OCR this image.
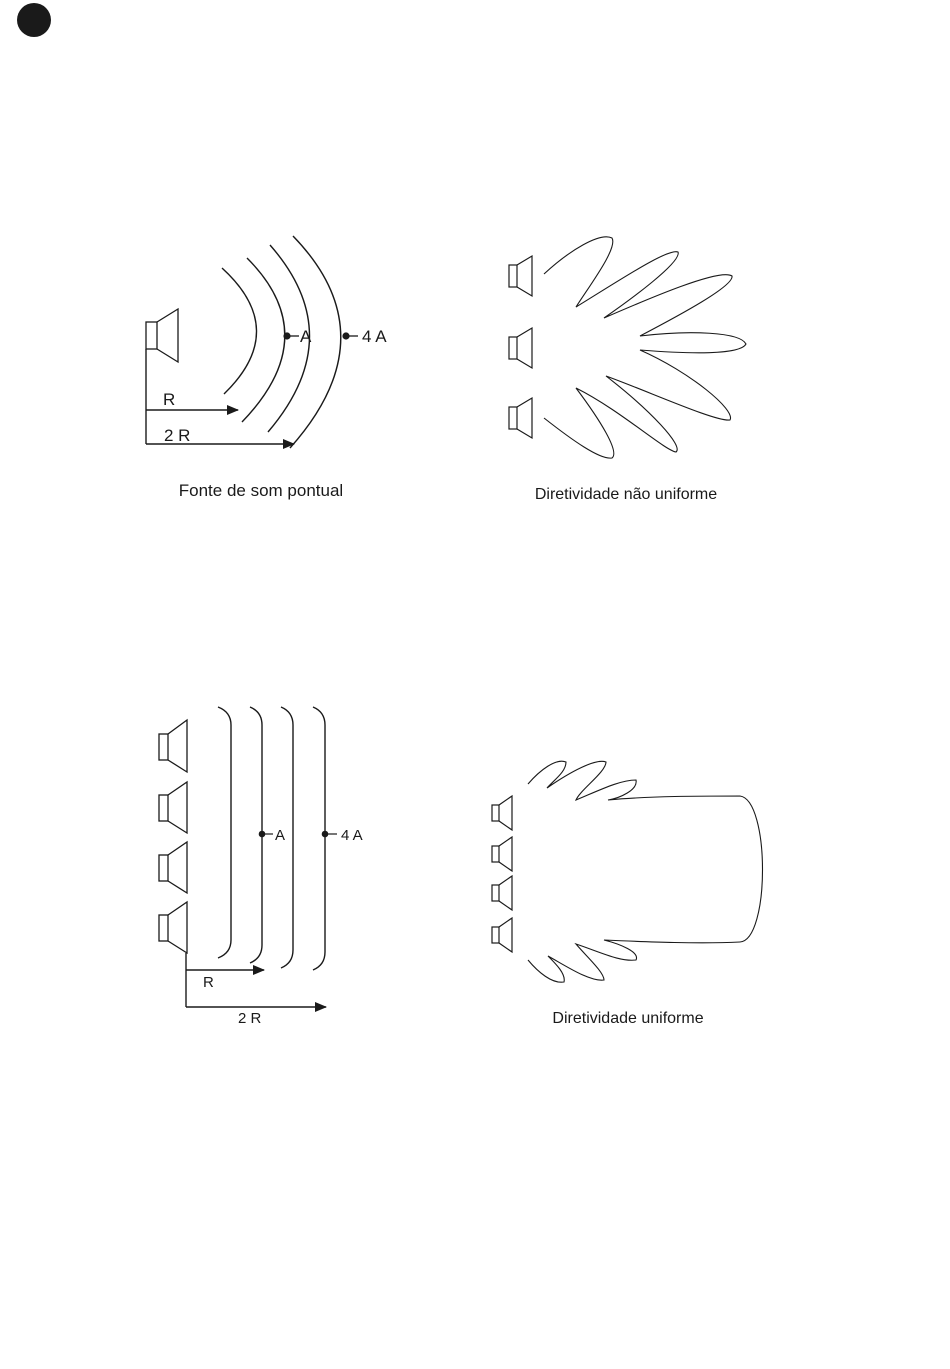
R
2 R
A	4 A
Fonte de som pontual	Diretividade não uniforme
A	4 A
R
2 R	Diretividade uniforme
